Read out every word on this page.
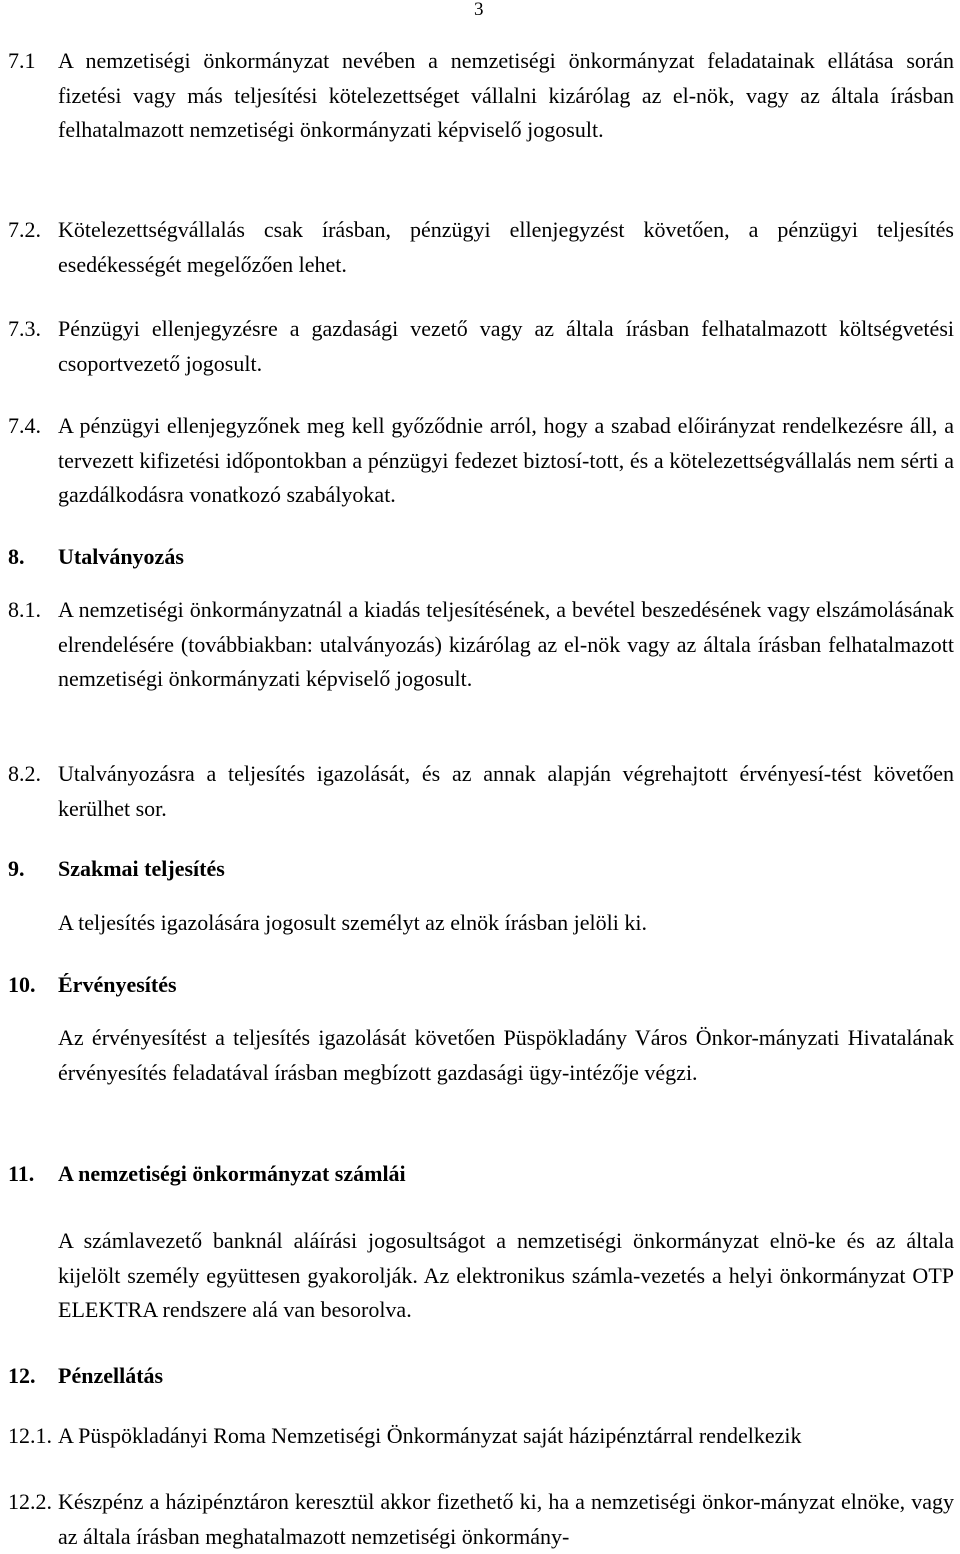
3
7.1	A nemzetiségi önkormányzat nevében a nemzetiségi önkormányzat feladatainak ellátása során fizetési vagy más teljesítési kötelezettséget vállalni kizárólag az el-nök, vagy az általa írásban felhatalmazott nemzetiségi önkormányzati képviselő jogosult.
7.2. Kötelezettségvállalás csak írásban, pénzügyi ellenjegyzést követően, a pénzügyi teljesítés esedékességét megelőzően lehet.
7.3. Pénzügyi ellenjegyzésre a gazdasági vezető vagy az általa írásban felhatalmazott költségvetési csoportvezető jogosult.
7.4. A pénzügyi ellenjegyzőnek meg kell győződnie arról, hogy a szabad előirányzat rendelkezésre áll, a tervezett kifizetési időpontokban a pénzügyi fedezet biztosí-tott, és a kötelezettségvállalás nem sérti a gazdálkodásra vonatkozó szabályokat.
8.	Utalványozás
8.1. A nemzetiségi önkormányzatnál a kiadás teljesítésének, a bevétel beszedésének vagy elszámolásának elrendelésére (továbbiakban: utalványozás) kizárólag az el-nök vagy az általa írásban felhatalmazott nemzetiségi önkormányzati képviselő jogosult.
8.2. Utalványozásra a teljesítés igazolását, és az annak alapján végrehajtott érvényesí-tést követően kerülhet sor.
9.	Szakmai teljesítés
A teljesítés igazolására jogosult személyt az elnök írásban jelöli ki.
10.	Érvényesítés
Az érvényesítést a teljesítés igazolását követően Püspökladány Város Önkor-mányzati Hivatalának érvényesítés feladatával írásban megbízott gazdasági ügy-intézője végzi.
11.	A nemzetiségi önkormányzat számlái
A számlavezető banknál aláírási jogosultságot a nemzetiségi önkormányzat elnö-ke és az általa kijelölt személy együttesen gyakorolják. Az elektronikus számla-vezetés a helyi önkormányzat OTP ELEKTRA rendszere alá van besorolva.
12.	Pénzellátás
12.1. A Püspökladányi Roma Nemzetiségi Önkormányzat saját házipénztárral rendelkezik
12.2. Készpénz a házipénztáron keresztül akkor fizethető ki, ha a nemzetiségi önkor-mányzat elnöke, vagy az általa írásban meghatalmazott nemzetiségi önkormány-
